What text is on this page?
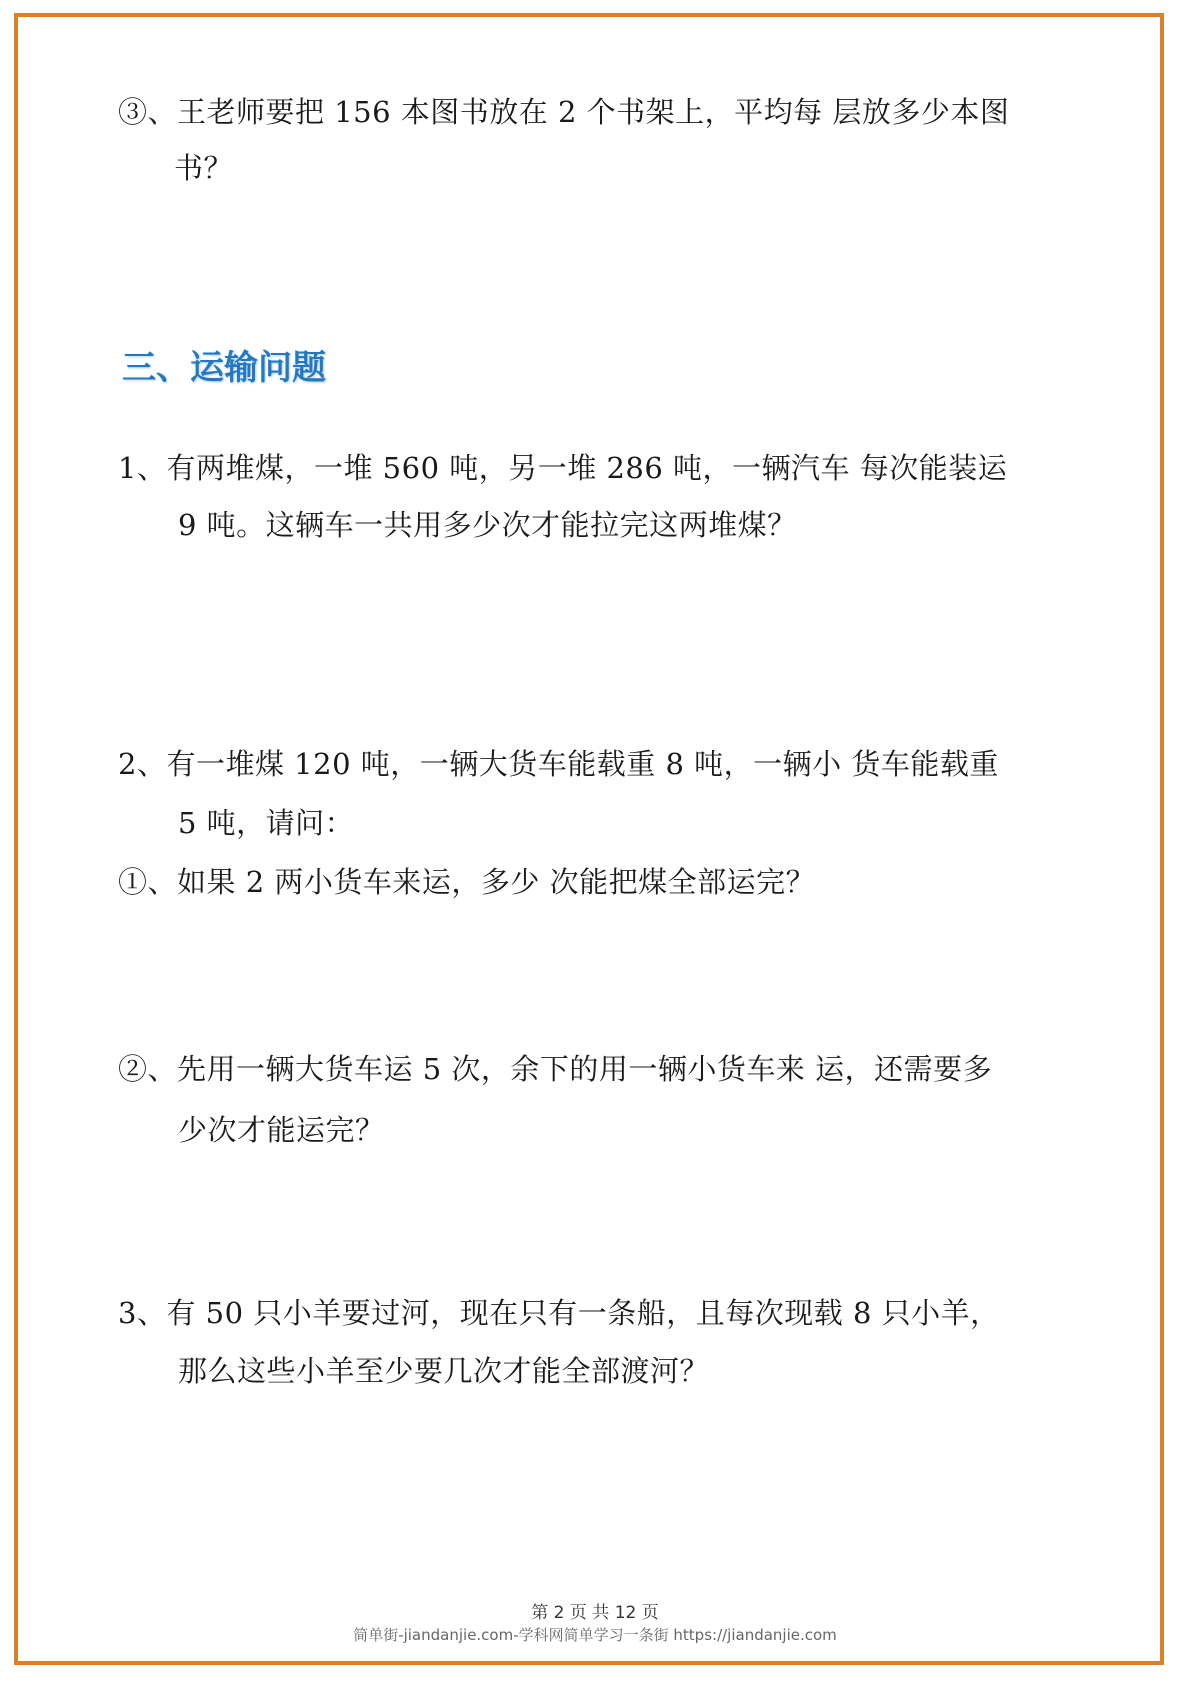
③、王老师要把 156 本图书放在 2 个书架上，平均每 层放多少本图
书？
三、运输问题
1、有两堆煤，一堆 560 吨，另一堆 286 吨，一辆汽车 每次能装运
9 吨。这辆车一共用多少次才能拉完这两堆煤？
2、有一堆煤 120 吨，一辆大货车能载重 8 吨，一辆小 货车能载重
5 吨，请问：
①、如果 2 两小货车来运，多少 次能把煤全部运完？
②、先用一辆大货车运 5 次，余下的用一辆小货车来 运，还需要多
少次才能运完？
3、有 50 只小羊要过河，现在只有一条船，且每次现载 8 只小羊，
那么这些小羊至少要几次才能全部渡河？
第 2 页 共 12 页
简单街-jiandanjie.com-学科网简单学习一条街 https://jiandanjie.com
